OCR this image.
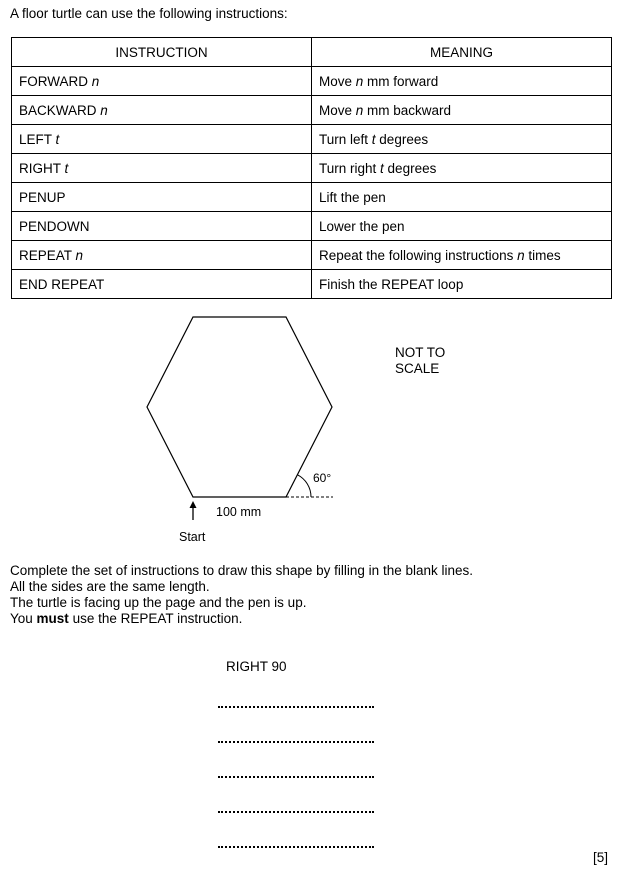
A floor turtle can use the following instructions:

INSTRUCTION	MEANING
FORWARD n	Move n mm forward
BACKWARD n	Move n mm backward
LEFT t	Turn left t degrees
RIGHT t	Turn right t degrees
PENUP	Lift the pen
PENDOWN	Lower the pen
REPEAT n	Repeat the following instructions n times
END REPEAT	Finish the REPEAT loop
60°
100 mm
Start
NOT TO
SCALE

Complete the set of instructions to draw this shape by filling in the blank lines.

All the sides are the same length.

The turtle is facing up the page and the pen is up.

You must use the REPEAT instruction.

RIGHT 90
[5]
